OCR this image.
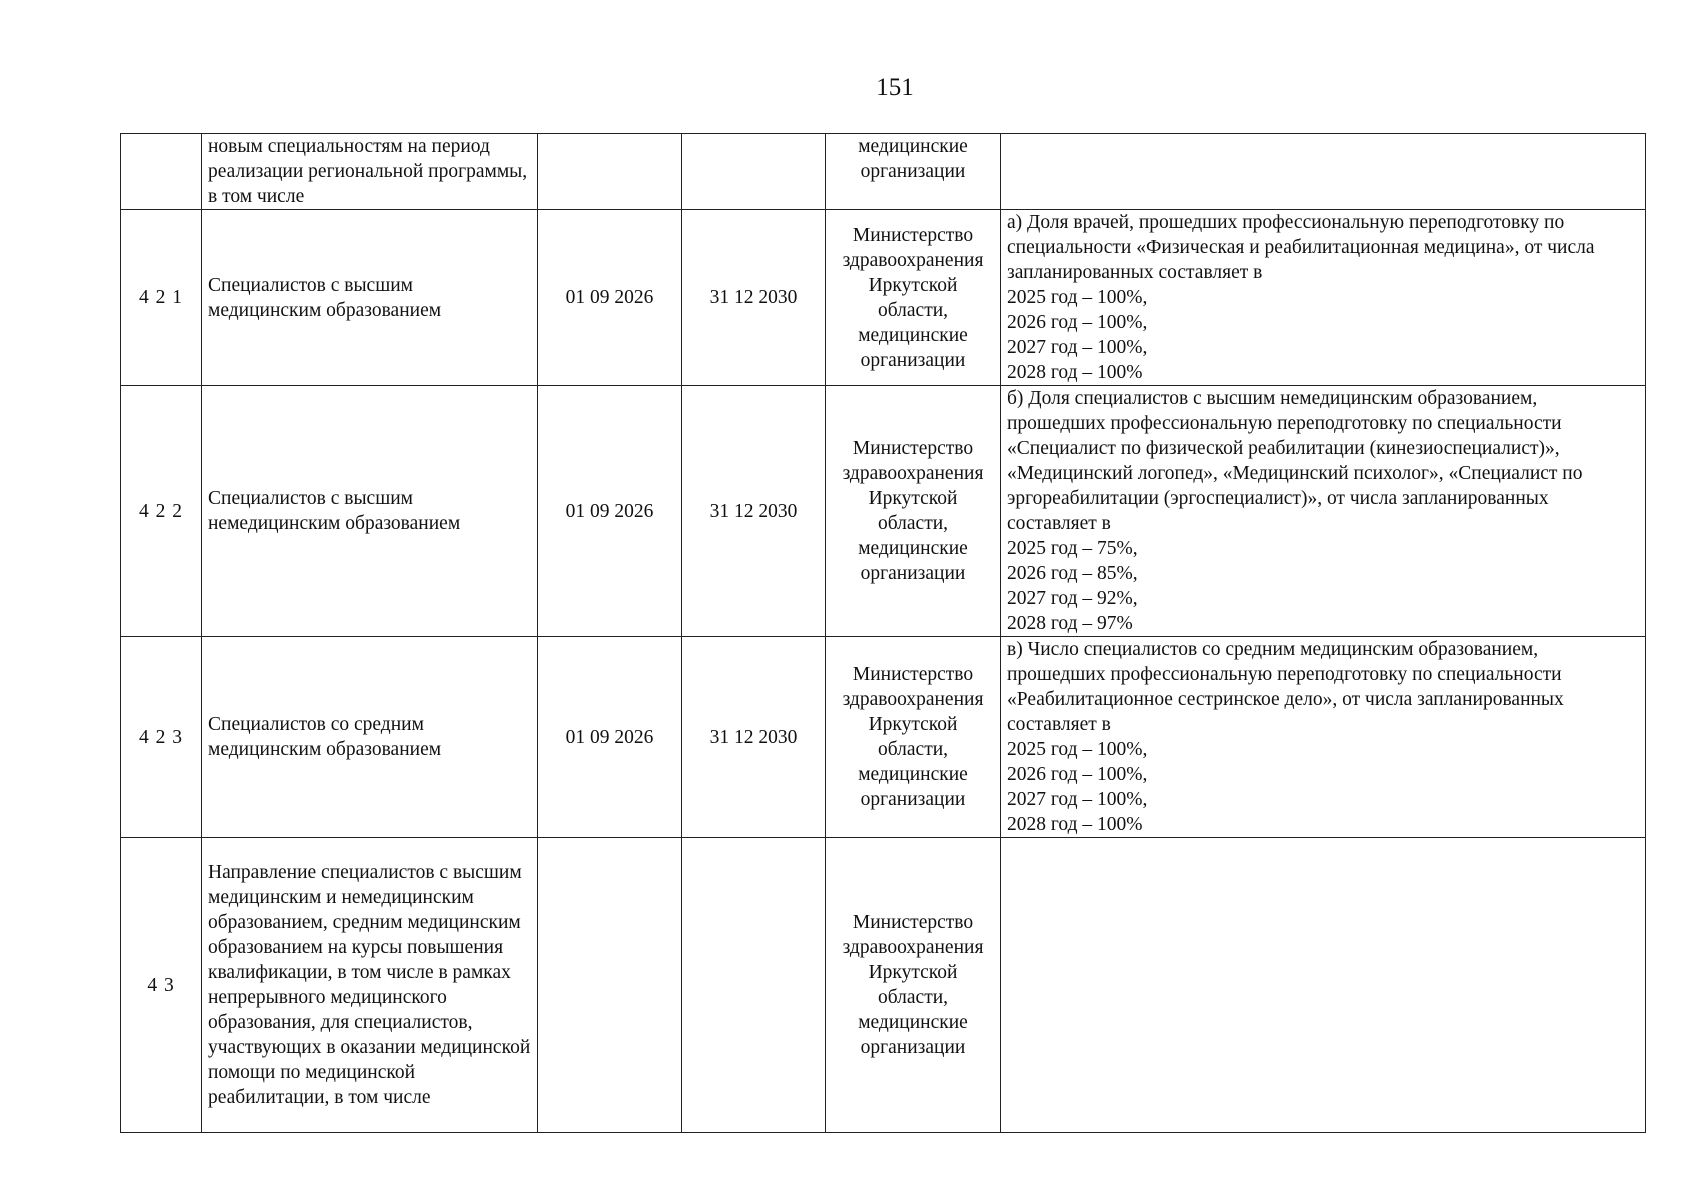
151
	новым специальностям на период реализации региональной программы, в том числе			медицинские организации	

4 2 1	Специалистов с высшим медицинским образованием	01 09 2026	31 12 2030	Министерство здравоохранения Иркутской области, медицинские организации	а) Доля врачей, прошедших профессиональную переподготовку по специальности «Физическая и реабилитационная медицина», от числа запланированных составляет в
2025 год – 100%,
2026 год – 100%,
2027 год – 100%,
2028 год – 100%

4 2 2	Специалистов с высшим немедицинским образованием	01 09 2026	31 12 2030	Министерство здравоохранения Иркутской области, медицинские организации	б) Доля специалистов с высшим немедицинским образованием, прошедших профессиональную переподготовку по специальности «Специалист по физической реабилитации (кинезиоспециалист)», «Медицинский логопед», «Медицинский психолог», «Специалист по эргореабилитации (эргоспециалист)», от числа запланированных составляет в
2025 год – 75%,
2026 год – 85%,
2027 год – 92%,
2028 год – 97%

4 2 3	Специалистов со средним медицинским образованием	01 09 2026	31 12 2030	Министерство здравоохранения Иркутской области, медицинские организации	в) Число специалистов со средним медицинским образованием, прошедших профессиональную переподготовку по специальности «Реабилитационное сестринское дело», от числа запланированных составляет в
2025 год – 100%,
2026 год – 100%,
2027 год – 100%,
2028 год – 100%

4 3	Направление специалистов с высшим медицинским и немедицинским образованием, средним медицинским образованием на курсы повышения квалификации, в том числе в рамках непрерывного медицинского образования, для специалистов, участвующих в оказании медицинской помощи по медицинской реабилитации, в том числе			Министерство здравоохранения Иркутской области, медицинские организации	
